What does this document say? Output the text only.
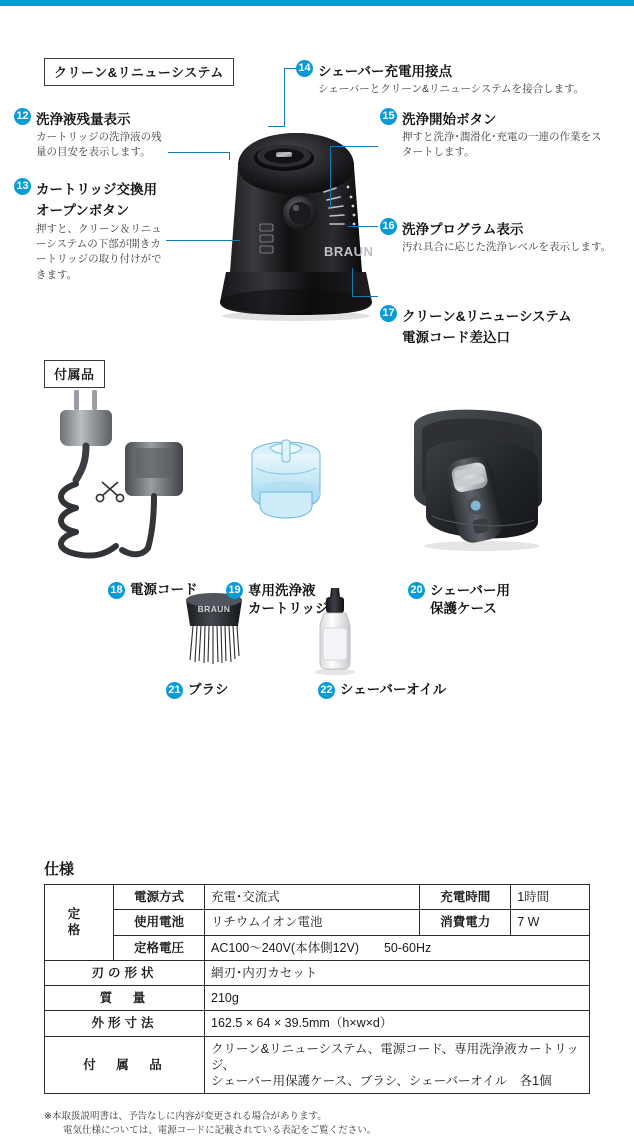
クリーン&リニューシステム
BRAUN
12 洗浄液残量表示
カートリッジの洗浄液の残量の目安を表示します。
13 カートリッジ交換用
オープンボタン
押すと、クリーン＆リニューシステムの下部が開きカートリッジの取り付けができます。
14 シェーバー充電用接点
シェーバーとクリーン&リニューシステムを接合します。
15 洗浄開始ボタン
押すと洗浄･潤滑化･充電の一連の作業をスタートします。
16 洗浄プログラム表示
汚れ具合に応じた洗浄レベルを表示します。
17 クリーン&リニューシステム
電源コード差込口
付属品
BRAUN
18 電源コード	19 専用洗浄液
カートリッジ
20 シェーバー用
保護ケース
21 ブラシ	22 シェーバーオイル
仕様
定　格	電源方式	充電･交流式	充電時間	1時間
	使用電池	リチウムイオン電池	消費電力	7 W
	定格電圧	AC100〜240V(本体側12V)　　50-60Hz		
刃の形状		網刃･内刃カセット		
質　量		210g		
外形寸法		162.5 × 64 × 39.5mm（h×w×d）		
付　属　品		クリーン&リニューシステム、電源コード、専用洗浄液カートリッジ、
シェーバー用保護ケース、ブラシ、シェーバーオイル　各1個		
※本取扱説明書は、予告なしに内容が変更される場合があります。
　　電気仕様については、電源コードに記載されている表記をご覧ください。
